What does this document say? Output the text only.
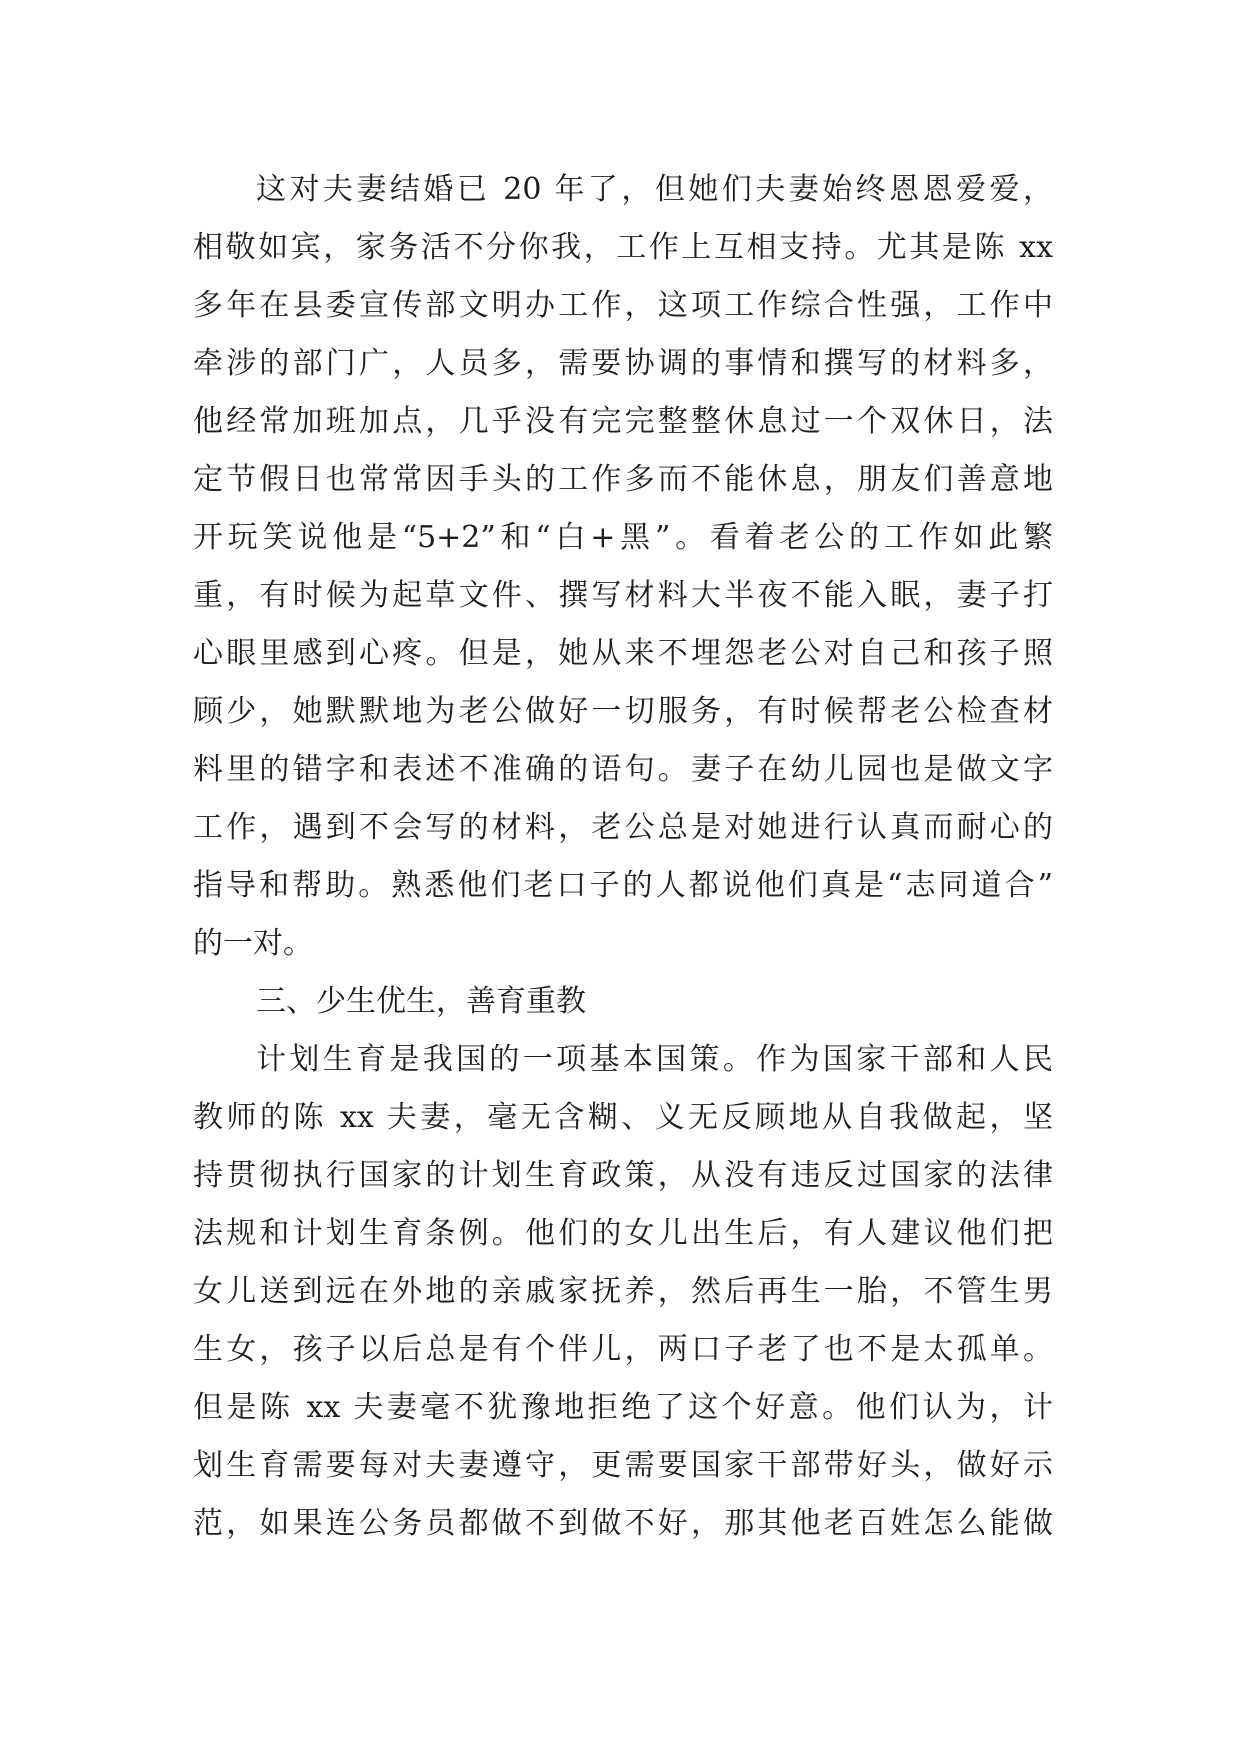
这对夫妻结婚已 20 年了，但她们夫妻始终恩恩爱爱，
相敬如宾，家务活不分你我，工作上互相支持。尤其是陈 xx
多年在县委宣传部文明办工作，这项工作综合性强，工作中
牵涉的部门广，人员多，需要协调的事情和撰写的材料多，
他经常加班加点，几乎没有完完整整休息过一个双休日，法
定节假日也常常因手头的工作多而不能休息，朋友们善意地
开玩笑说他是“5+2”和“白+黑”。看着老公的工作如此繁
重，有时候为起草文件、撰写材料大半夜不能入眠，妻子打
心眼里感到心疼。但是，她从来不埋怨老公对自己和孩子照
顾少，她默默地为老公做好一切服务，有时候帮老公检查材
料里的错字和表述不准确的语句。妻子在幼儿园也是做文字
工作，遇到不会写的材料，老公总是对她进行认真而耐心的
指导和帮助。熟悉他们老口子的人都说他们真是“志同道合”
的一对。
三、少生优生，善育重教
计划生育是我国的一项基本国策。作为国家干部和人民
教师的陈 xx 夫妻，毫无含糊、义无反顾地从自我做起，坚
持贯彻执行国家的计划生育政策，从没有违反过国家的法律
法规和计划生育条例。他们的女儿出生后，有人建议他们把
女儿送到远在外地的亲戚家抚养，然后再生一胎，不管生男
生女，孩子以后总是有个伴儿，两口子老了也不是太孤单。
但是陈 xx 夫妻毫不犹豫地拒绝了这个好意。他们认为，计
划生育需要每对夫妻遵守，更需要国家干部带好头，做好示
范，如果连公务员都做不到做不好，那其他老百姓怎么能做
